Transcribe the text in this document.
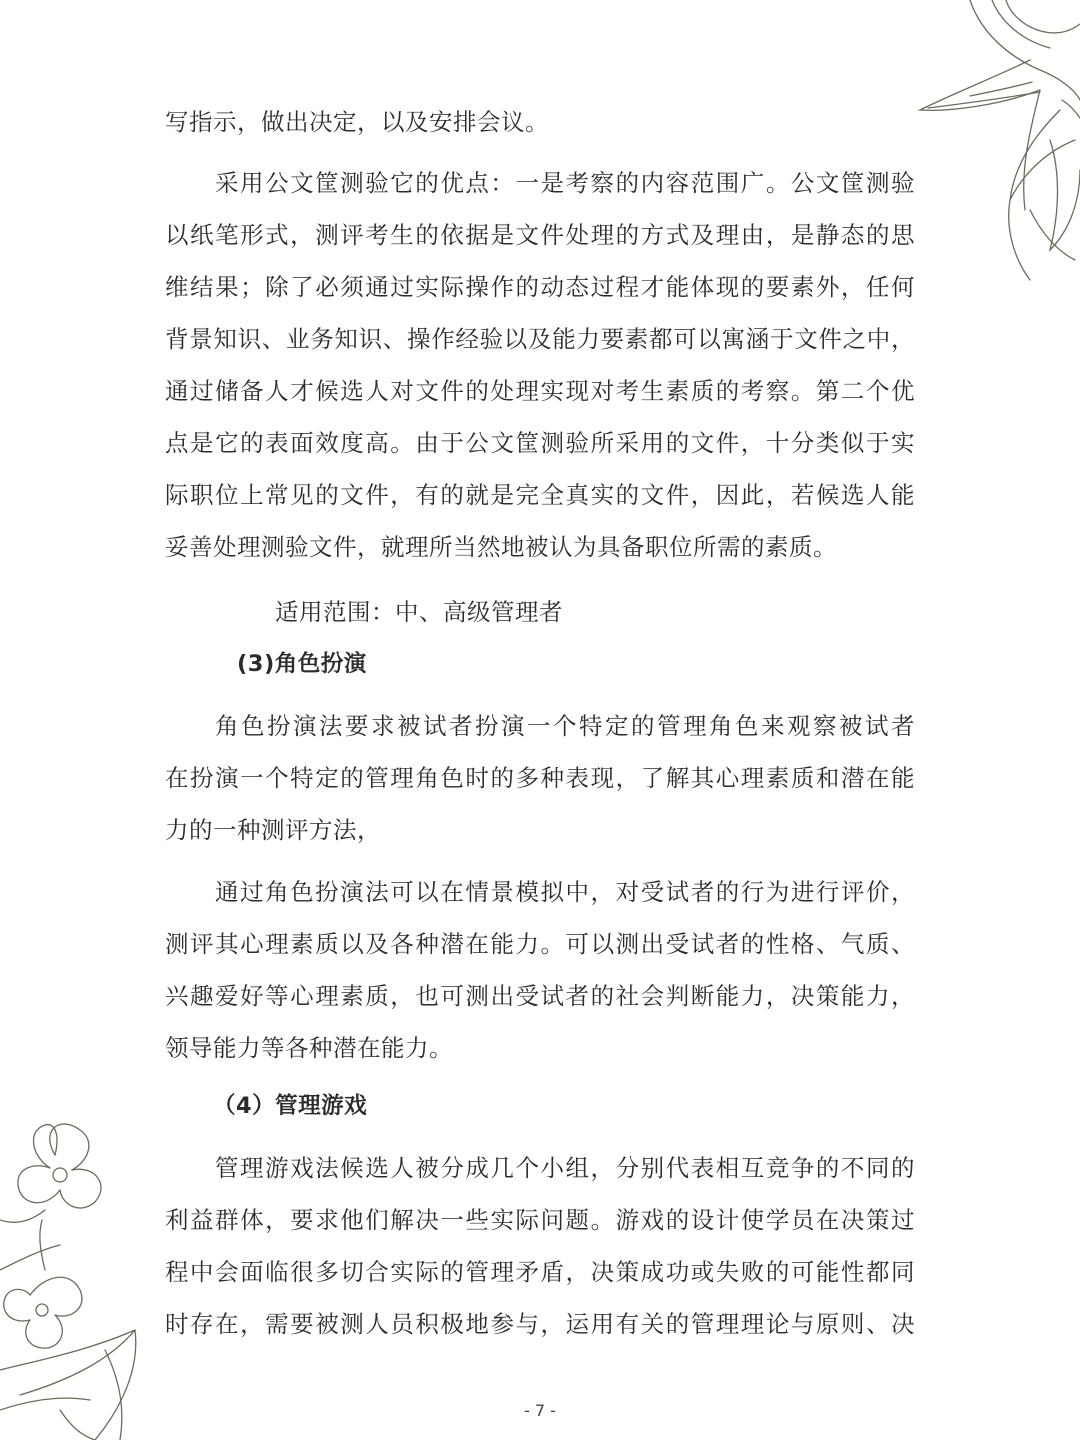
写指示，做出决定，以及安排会议。
采用公文筐测验它的优点：一是考察的内容范围广。公文筐测验
以纸笔形式，测评考生的依据是文件处理的方式及理由，是静态的思
维结果；除了必须通过实际操作的动态过程才能体现的要素外，任何
背景知识、业务知识、操作经验以及能力要素都可以寓涵于文件之中，
通过储备人才候选人对文件的处理实现对考生素质的考察。第二个优
点是它的表面效度高。由于公文筐测验所采用的文件，十分类似于实
际职位上常见的文件，有的就是完全真实的文件，因此，若候选人能
妥善处理测验文件，就理所当然地被认为具备职位所需的素质。
适用范围：中、高级管理者
(3)角色扮演
角色扮演法要求被试者扮演一个特定的管理角色来观察被试者
在扮演一个特定的管理角色时的多种表现，了解其心理素质和潜在能
力的一种测评方法，
通过角色扮演法可以在情景模拟中，对受试者的行为进行评价，
测评其心理素质以及各种潜在能力。可以测出受试者的性格、气质、
兴趣爱好等心理素质，也可测出受试者的社会判断能力，决策能力，
领导能力等各种潜在能力。
（4）管理游戏
管理游戏法候选人被分成几个小组，分别代表相互竞争的不同的
利益群体，要求他们解决一些实际问题。游戏的设计使学员在决策过
程中会面临很多切合实际的管理矛盾，决策成功或失败的可能性都同
时存在，需要被测人员积极地参与，运用有关的管理理论与原则、决
- 7 -
